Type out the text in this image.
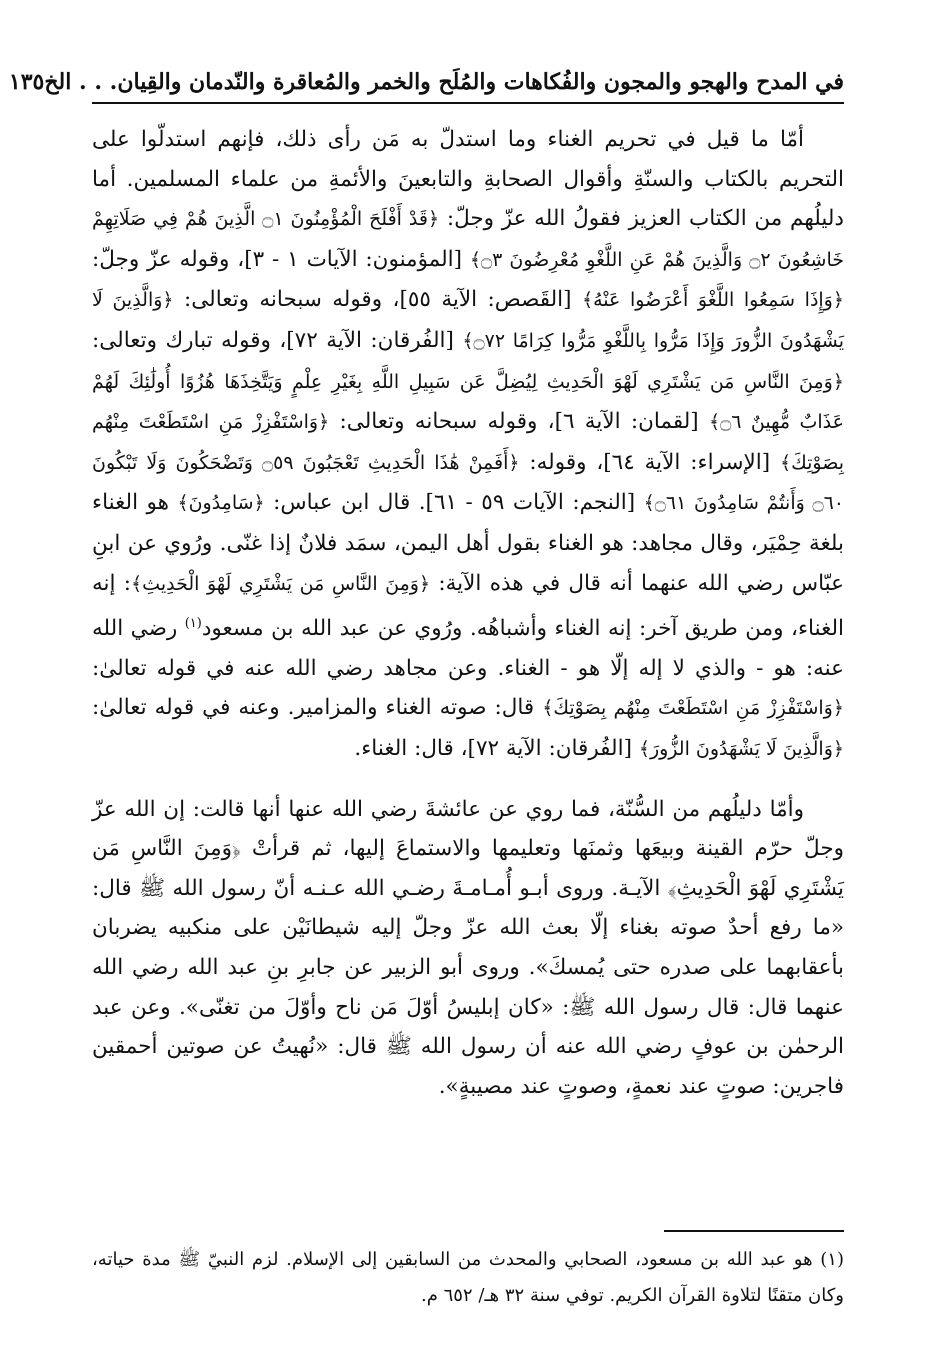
في المدح والهجو والمجون والفُكاهات والمُلَح والخمر والمُعاقرة والنّدمان والقِيان. . . الخ
١٣٥

أمّا ما قيل في تحريم الغناء وما استدلّ به مَن رأى ذلك، فإنهم استدلّوا على التحريم بالكتاب والسنّةِ وأقوال الصحابةِ والتابعينَ والأئمةِ من علماء المسلمين. أما دليلُهم من الكتاب العزيز فقولُ الله عزّ وجلّ: ﴿قَدْ أَفْلَحَ الْمُؤْمِنُونَ ۝١ الَّذِينَ هُمْ فِي صَلَاتِهِمْ خَاشِعُونَ ۝٢ وَالَّذِينَ هُمْ عَنِ اللَّغْوِ مُعْرِضُونَ ۝٣﴾ [المؤمنون: الآيات ١ - ٣]، وقوله عزّ وجلّ: ﴿وَإِذَا سَمِعُوا اللَّغْوَ أَعْرَضُوا عَنْهُ﴾ [القَصص: الآية ٥٥]، وقوله سبحانه وتعالى: ﴿وَالَّذِينَ لَا يَشْهَدُونَ الزُّورَ وَإِذَا مَرُّوا بِاللَّغْوِ مَرُّوا كِرَامًا ۝٧٢﴾ [الفُرقان: الآية ٧٢]، وقوله تبارك وتعالى: ﴿وَمِنَ النَّاسِ مَن يَشْتَرِي لَهْوَ الْحَدِيثِ لِيُضِلَّ عَن سَبِيلِ اللَّهِ بِغَيْرِ عِلْمٍ وَيَتَّخِذَهَا هُزُوًا أُولَٰئِكَ لَهُمْ عَذَابٌ مُّهِينٌ ۝٦﴾ [لقمان: الآية ٦]، وقوله سبحانه وتعالى: ﴿وَاسْتَفْزِزْ مَنِ اسْتَطَعْتَ مِنْهُم بِصَوْتِكَ﴾ [الإسراء: الآية ٦٤]، وقوله: ﴿أَفَمِنْ هَٰذَا الْحَدِيثِ تَعْجَبُونَ ۝٥٩ وَتَضْحَكُونَ وَلَا تَبْكُونَ ۝٦٠ وَأَنتُمْ سَامِدُونَ ۝٦١﴾ [النجم: الآيات ٥٩ - ٦١]. قال ابن عباس: ﴿سَامِدُونَ﴾ هو الغناء بلغة حِمْيَر، وقال مجاهد: هو الغناء بقول أهل اليمن، سمَد فلانٌ إذا غنّى. ورُوي عن ابنِ عبّاس رضي الله عنهما أنه قال في هذه الآية: ﴿وَمِنَ النَّاسِ مَن يَشْتَرِي لَهْوَ الْحَدِيثِ﴾: إنه الغناء، ومن طريق آخر: إنه الغناء وأشباهُه. ورُوي عن عبد الله بن مسعود$^{(١)}$ رضي الله عنه: هو - والذي لا إله إلّا هو - الغناء. وعن مجاهد رضي الله عنه في قوله تعالىٰ: ﴿وَاسْتَفْزِزْ مَنِ اسْتَطَعْتَ مِنْهُم بِصَوْتِكَ﴾ قال: صوته الغناء والمزامير. وعنه في قوله تعالىٰ: ﴿وَالَّذِينَ لَا يَشْهَدُونَ الزُّورَ﴾ [الفُرقان: الآية ٧٢]، قال: الغناء.

وأمّا دليلُهم من السُّنّة، فما روي عن عائشةَ رضي الله عنها أنها قالت: إن الله عزّ وجلّ حرّم القينة وبيعَها وثمنَها وتعليمها والاستماعَ إليها، ثم قرأتْ ﴿وَمِنَ النَّاسِ مَن يَشْتَرِي لَهْوَ الْحَدِيثِ﴾ الآيـة. وروى أبـو أُمـامـةَ رضـي الله عـنـه أنّ رسول الله ﷺ قال: «ما رفع أحدٌ صوته بغناء إلّا بعث الله عزّ وجلّ إليه شيطانَيْن على منكبيه يضربان بأعقابهما على صدره حتى يُمسكَ». وروى أبو الزبير عن جابرِ بنِ عبد الله رضي الله عنهما قال: قال رسول الله ﷺ: «كان إبليسُ أوّلَ مَن ناح وأوّلَ من تغنّى». وعن عبد الرحمٰن بن عوفٍ رضي الله عنه أن رسول الله ﷺ قال: «نُهيتُ عن صوتين أحمقين فاجرين: صوتٍ عند نعمةٍ، وصوتٍ عند مصيبةٍ».

(١) هو عبد الله بن مسعود، الصحابي والمحدث من السابقين إلى الإسلام. لزم النبيّ ﷺ مدة حياته، وكان متقنًا لتلاوة القرآن الكريم. توفي سنة ٣٢ هـ/ ٦٥٢ م.
